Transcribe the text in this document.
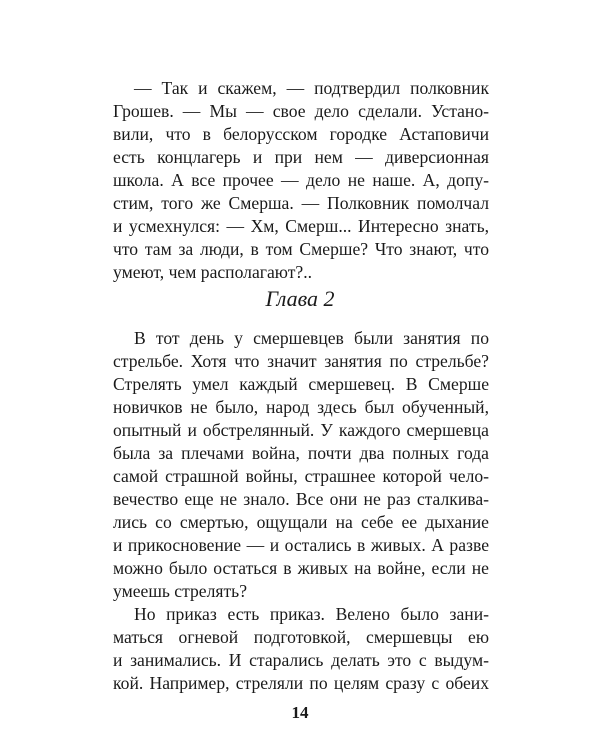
— Так и скажем, — подтвердил полковник
Грошев. — Мы — свое дело сделали. Устано-
вили, что в белорусском городке Астаповичи
есть концлагерь и при нем — диверсионная
школа. А все прочее — дело не наше. А, допу-
стим, того же Смерша. — Полковник помолчал
и усмехнулся: — Хм, Смерш... Интересно знать,
что там за люди, в том Смерше? Что знают, что
умеют, чем располагают?..
Глава 2
В тот день у смершевцев были занятия по
стрельбе. Хотя что значит занятия по стрельбе?
Стрелять умел каждый смершевец. В Смерше
новичков не было, народ здесь был обученный,
опытный и обстрелянный. У каждого смершевца
была за плечами война, почти два полных года
самой страшной войны, страшнее которой чело-
вечество еще не знало. Все они не раз сталкива-
лись со смертью, ощущали на себе ее дыхание
и прикосновение — и остались в живых. А разве
можно было остаться в живых на войне, если не
умеешь стрелять?
Но приказ есть приказ. Велено было зани-
маться огневой подготовкой, смершевцы ею
и занимались. И старались делать это с выдум-
кой. Например, стреляли по целям сразу с обеих
14
